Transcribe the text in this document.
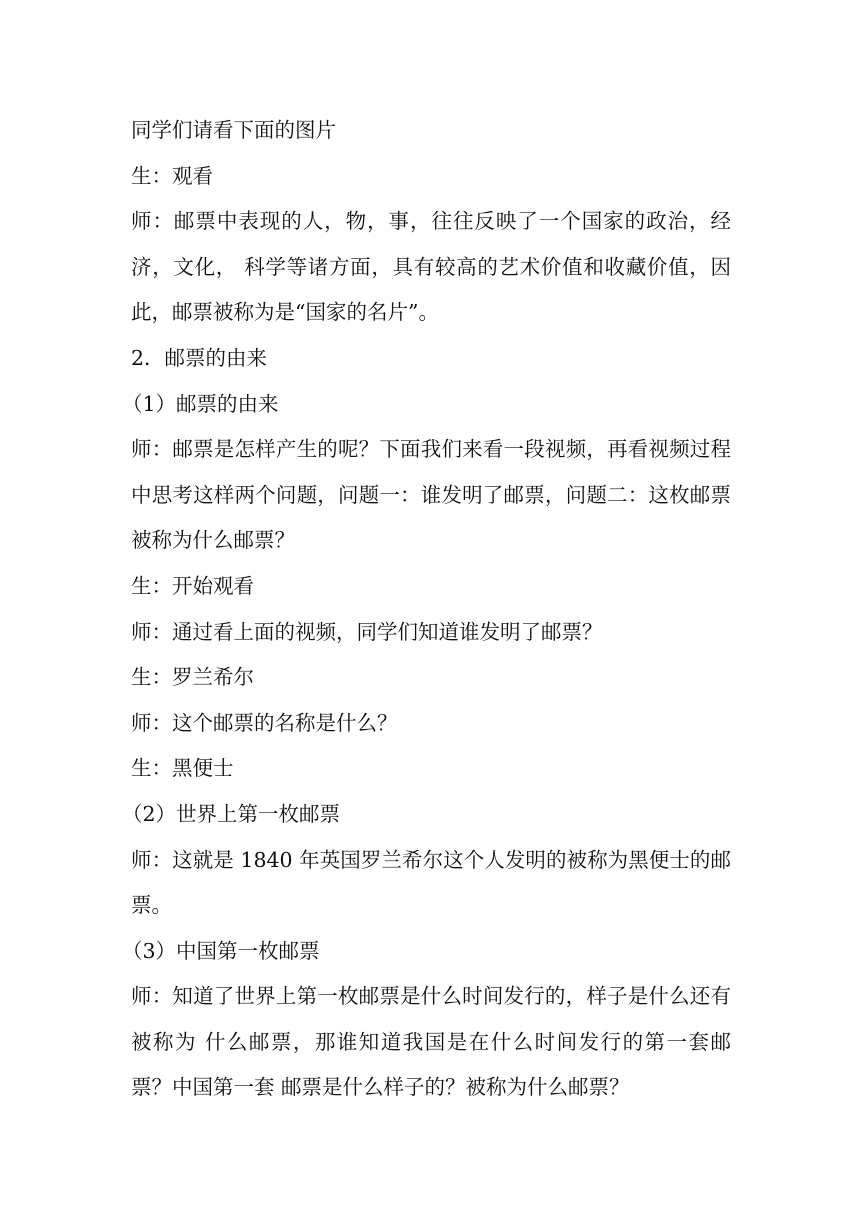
同学们请看下面的图片

生：观看

师：邮票中表现的人，物，事，往往反映了一个国家的政治，经济，文化， 科学等诸方面，具有较高的艺术价值和收藏价值，因此，邮票被称为是“国家的名片”。

2．邮票的由来

（1）邮票的由来

师：邮票是怎样产生的呢？下面我们来看一段视频，再看视频过程中思考这样两个问题，问题一：谁发明了邮票，问题二：这枚邮票被称为什么邮票？

生：开始观看

师：通过看上面的视频，同学们知道谁发明了邮票？

生：罗兰希尔

师：这个邮票的名称是什么？

生：黑便士

（2）世界上第一枚邮票

师：这就是 1840 年英国罗兰希尔这个人发明的被称为黑便士的邮票。

（3）中国第一枚邮票

师：知道了世界上第一枚邮票是什么时间发行的，样子是什么还有被称为 什么邮票，那谁知道我国是在什么时间发行的第一套邮票？中国第一套 邮票是什么样子的？被称为什么邮票？
